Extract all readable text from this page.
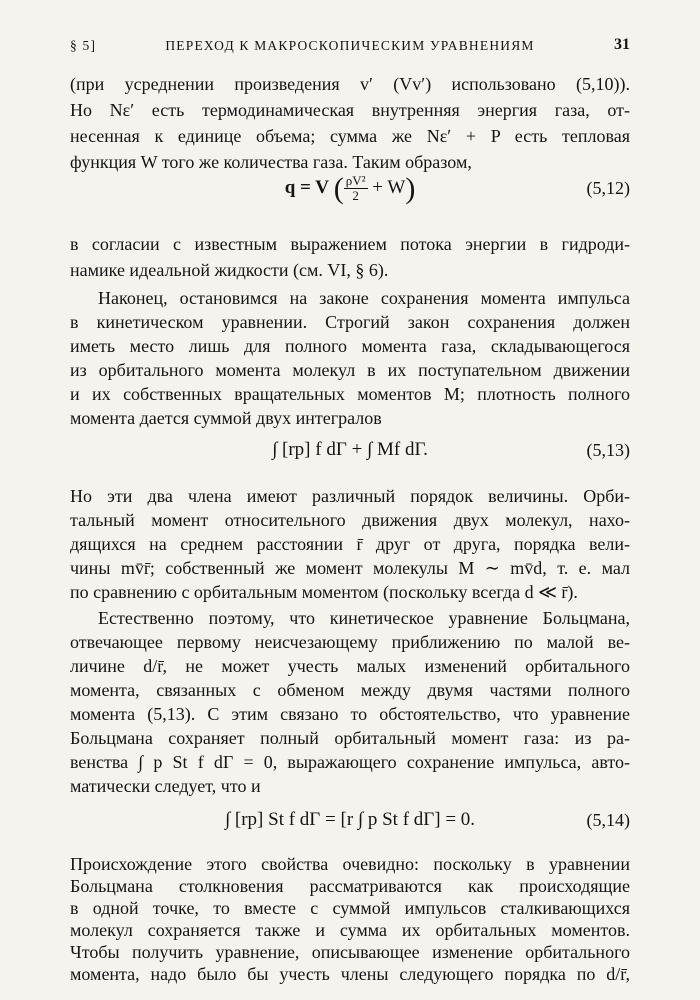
§ 5]	ПЕРЕХОД К МАКРОСКОПИЧЕСКИМ УРАВНЕНИЯМ	31
(при усреднении произведения v′ (Vv′) использовано (5,10)).
Но Nε′ есть термодинамическая внутренняя энергия газа, от-
несенная к единице объема; сумма же Nε′ + P есть тепловая
функция W того же количества газа. Таким образом,
q = V ( $\frac{\text{ρV²}}{2} + W$)	(5,12)
в согласии с известным выражением потока энергии в гидроди-
намике идеальной жидкости (см. VI, § 6).
Наконец, остановимся на законе сохранения момента импульса
в кинетическом уравнении. Строгий закон сохранения должен
иметь место лишь для полного момента газа, складывающегося
из орбитального момента молекул в их поступательном движении
и их собственных вращательных моментов M; плотность полного
момента дается суммой двух интегралов
∫ [rp] f dΓ + ∫ Mf dΓ.	(5,13)
Но эти два члена имеют различный порядок величины. Орби-
тальный момент относительного движения двух молекул, нахо-
дящихся на среднем расстоянии r̄ друг от друга, порядка вели-
чины mv̄r̄; собственный же момент молекулы M ∼ mv̄d, т. е. мал
по сравнению с орбитальным моментом (поскольку всегда d ≪ r̄).
Естественно поэтому, что кинетическое уравнение Больцмана,
отвечающее первому неисчезающему приближению по малой ве-
личине d/r̄, не может учесть малых изменений орбитального
момента, связанных с обменом между двумя частями полного
момента (5,13). С этим связано то обстоятельство, что уравнение
Больцмана сохраняет полный орбитальный момент газа: из ра-
венства ∫ p St f dΓ = 0, выражающего сохранение импульса, авто-
матически следует, что и
∫ [rp] St f dΓ = [r ∫ p St f dΓ] = 0.	(5,14)
Происхождение этого свойства очевидно: поскольку в уравнении
Больцмана столкновения рассматриваются как происходящие
в одной точке, то вместе с суммой импульсов сталкивающихся
молекул сохраняется также и сумма их орбитальных моментов.
Чтобы получить уравнение, описывающее изменение орбитального
момента, надо было бы учесть члены следующего порядка по d/r̄,
